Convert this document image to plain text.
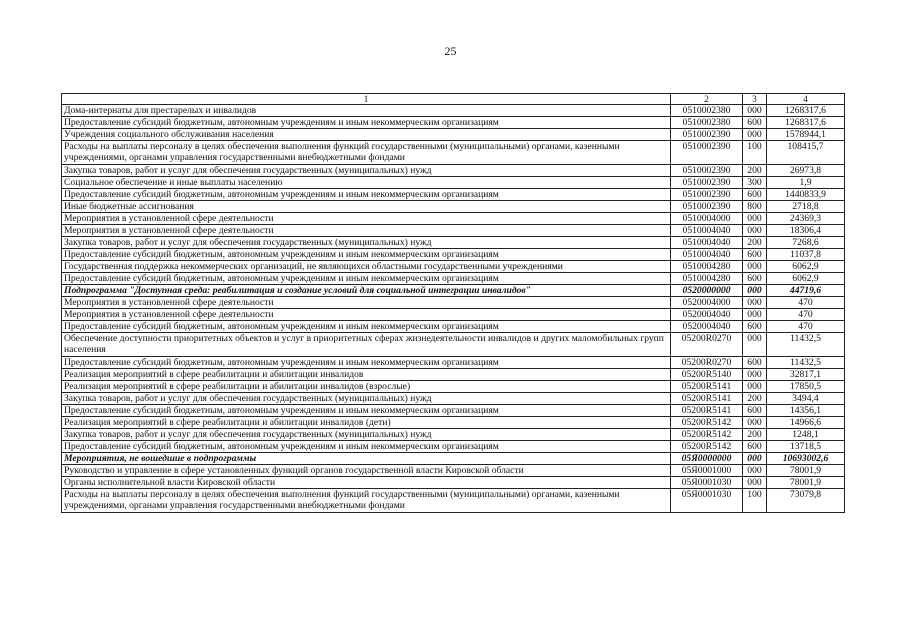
25
1	2	3	4
Дома-интернаты для престарелых и инвалидов	0510002380	000	1268317,6
Предоставление субсидий бюджетным, автономным учреждениям и иным некоммерческим организациям	0510002380	600	1268317,6
Учреждения социального обслуживания населения	0510002390	000	1578944,1
Расходы на выплаты персоналу в целях обеспечения выполнения функций государственными (муниципальными) органами, казенными учреждениями, органами управления государственными внебюджетными фондами	0510002390	100	108415,7
Закупка товаров, работ и услуг для обеспечения государственных (муниципальных) нужд	0510002390	200	26973,8
Социальное обеспечение и иные выплаты населению	0510002390	300	1,9
Предоставление субсидий бюджетным, автономным учреждениям и иным некоммерческим организациям	0510002390	600	1440833,9
Иные бюджетные ассигнования	0510002390	800	2718,8
Мероприятия в установленной сфере деятельности	0510004000	000	24369,3
Мероприятия в установленной сфере деятельности	0510004040	000	18306,4
Закупка товаров, работ и услуг для обеспечения государственных (муниципальных) нужд	0510004040	200	7268,6
Предоставление субсидий бюджетным, автономным учреждениям и иным некоммерческим организациям	0510004040	600	11037,8
Государственная поддержка некоммерческих организаций, не являющихся областными государственными учреждениями	0510004280	000	6062,9
Предоставление субсидий бюджетным, автономным учреждениям и иным некоммерческим организациям	0510004280	600	6062,9
Подпрограмма "Доступная среда: реабилитация и создание условий для социальной интеграции инвалидов"	0520000000	000	44719,6
Мероприятия в установленной сфере деятельности	0520004000	000	470
Мероприятия в установленной сфере деятельности	0520004040	000	470
Предоставление субсидий бюджетным, автономным учреждениям и иным некоммерческим организациям	0520004040	600	470
Обеспечение доступности приоритетных объектов и услуг в приоритетных сферах жизнедеятельности инвалидов и других маломобильных групп населения	05200R0270	000	11432,5
Предоставление субсидий бюджетным, автономным учреждениям и иным некоммерческим организациям	05200R0270	600	11432,5
Реализация мероприятий в сфере реабилитации и абилитации инвалидов	05200R5140	000	32817,1
Реализация мероприятий в сфере реабилитации и абилитации инвалидов (взрослые)	05200R5141	000	17850,5
Закупка товаров, работ и услуг для обеспечения государственных (муниципальных) нужд	05200R5141	200	3494,4
Предоставление субсидий бюджетным, автономным учреждениям и иным некоммерческим организациям	05200R5141	600	14356,1
Реализация мероприятий в сфере реабилитации и абилитации инвалидов (дети)	05200R5142	000	14966,6
Закупка товаров, работ и услуг для обеспечения государственных (муниципальных) нужд	05200R5142	200	1248,1
Предоставление субсидий бюджетным, автономным учреждениям и иным некоммерческим организациям	05200R5142	600	13718,5
Мероприятия, не вошедшие в подпрограммы	05Я0000000	000	10693002,6
Руководство и управление в сфере установленных функций органов государственной власти Кировской области	05Я0001000	000	78001,9
Органы исполнительной власти Кировской области	05Я0001030	000	78001,9
Расходы на выплаты персоналу в целях обеспечения выполнения функций государственными (муниципальными) органами, казенными учреждениями, органами управления государственными внебюджетными фондами	05Я0001030	100	73079,8
